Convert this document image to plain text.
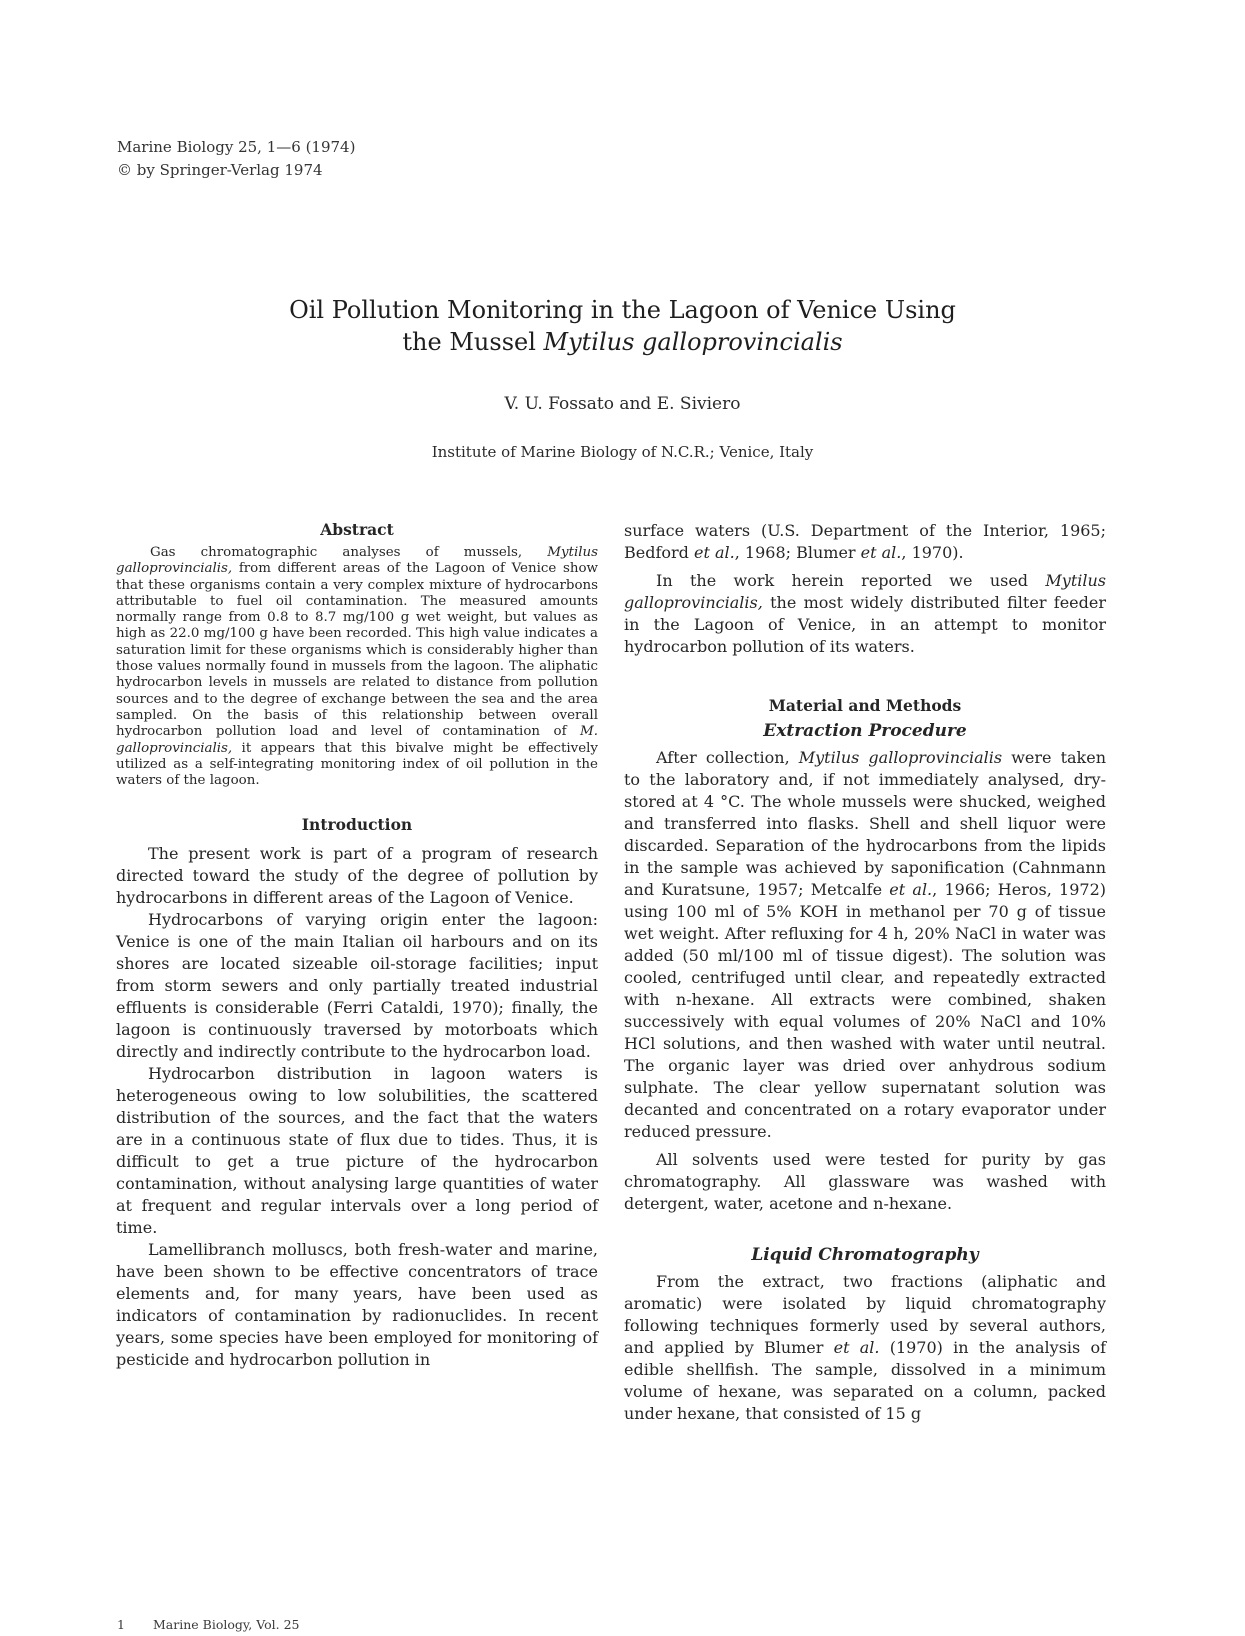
Marine Biology 25, 1—6 (1974)
© by Springer-Verlag 1974
Oil Pollution Monitoring in the Lagoon of Venice Using
the Mussel Mytilus galloprovincialis
V. U. Fossato and E. Siviero
Institute of Marine Biology of N.C.R.; Venice, Italy
Abstract

Gas chromatographic analyses of mussels, Mytilus galloprovincialis, from different areas of the Lagoon of Venice show that these organisms contain a very complex mixture of hydrocarbons attributable to fuel oil contamination. The measured amounts normally range from 0.8 to 8.7 mg/100 g wet weight, but values as high as 22.0 mg/100 g have been recorded. This high value indicates a saturation limit for these organisms which is considerably higher than those values normally found in mussels from the lagoon. The aliphatic hydrocarbon levels in mussels are related to distance from pollution sources and to the degree of exchange between the sea and the area sampled. On the basis of this relationship between overall hydrocarbon pollution load and level of contamination of M. galloprovincialis, it appears that this bivalve might be effectively utilized as a self-integrating monitoring index of oil pollution in the waters of the lagoon.

Introduction

The present work is part of a program of research directed toward the study of the degree of pollution by hydrocarbons in different areas of the Lagoon of Venice.

Hydrocarbons of varying origin enter the lagoon: Venice is one of the main Italian oil harbours and on its shores are located sizeable oil-storage facilities; input from storm sewers and only partially treated industrial effluents is considerable (Ferri Cataldi, 1970); finally, the lagoon is continuously traversed by motorboats which directly and indirectly contribute to the hydrocarbon load.

Hydrocarbon distribution in lagoon waters is heterogeneous owing to low solubilities, the scattered distribution of the sources, and the fact that the waters are in a continuous state of flux due to tides. Thus, it is difficult to get a true picture of the hydrocarbon contamination, without analysing large quantities of water at frequent and regular intervals over a long period of time.

Lamellibranch molluscs, both fresh-water and marine, have been shown to be effective concentrators of trace elements and, for many years, have been used as indicators of contamination by radionuclides. In recent years, some species have been employed for monitoring of pesticide and hydrocarbon pollution in

surface waters (U.S. Department of the Interior, 1965; Bedford et al., 1968; Blumer et al., 1970).

In the work herein reported we used Mytilus galloprovincialis, the most widely distributed filter feeder in the Lagoon of Venice, in an attempt to monitor hydrocarbon pollution of its waters.

Material and Methods
Extraction Procedure

After collection, Mytilus galloprovincialis were taken to the laboratory and, if not immediately analysed, dry-stored at 4 °C. The whole mussels were shucked, weighed and transferred into flasks. Shell and shell liquor were discarded. Separation of the hydrocarbons from the lipids in the sample was achieved by saponification (Cahnmann and Kuratsune, 1957; Metcalfe et al., 1966; Heros, 1972) using 100 ml of 5% KOH in methanol per 70 g of tissue wet weight. After refluxing for 4 h, 20% NaCl in water was added (50 ml/100 ml of tissue digest). The solution was cooled, centrifuged until clear, and repeatedly extracted with n-hexane. All extracts were combined, shaken successively with equal volumes of 20% NaCl and 10% HCl solutions, and then washed with water until neutral. The organic layer was dried over anhydrous sodium sulphate. The clear yellow supernatant solution was decanted and concentrated on a rotary evaporator under reduced pressure.

All solvents used were tested for purity by gas chromatography. All glassware was washed with detergent, water, acetone and n-hexane.

Liquid Chromatography

From the extract, two fractions (aliphatic and aromatic) were isolated by liquid chromatography following techniques formerly used by several authors, and applied by Blumer et al. (1970) in the analysis of edible shellfish. The sample, dissolved in a minimum volume of hexane, was separated on a column, packed under hexane, that consisted of 15 g

1 Marine Biology, Vol. 25
